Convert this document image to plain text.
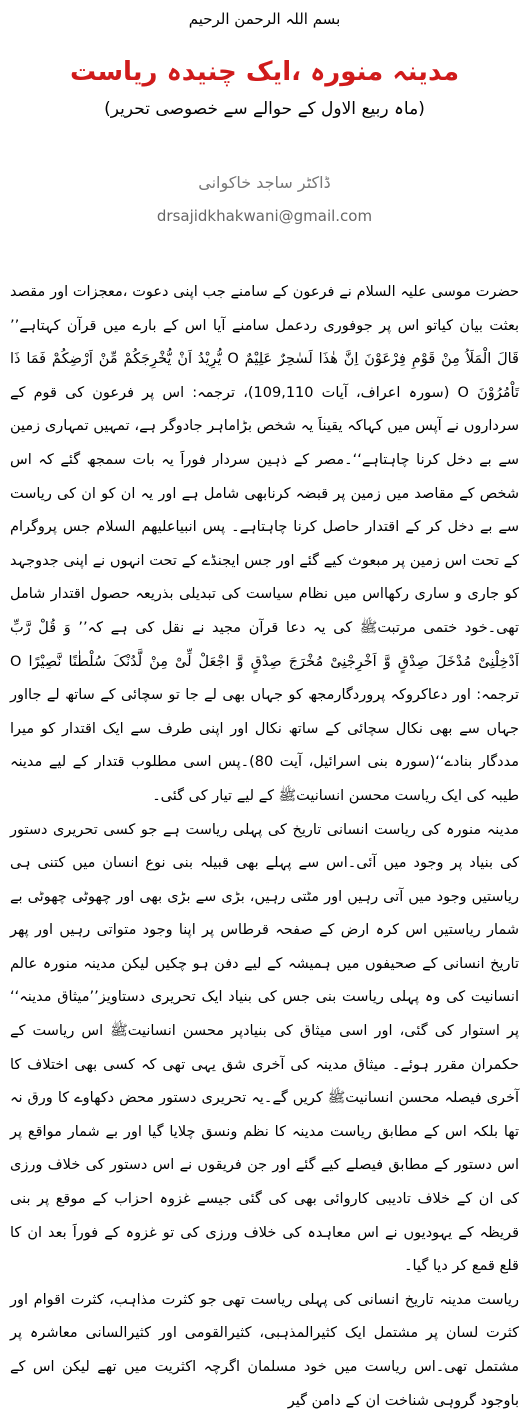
بسم اللہ الرحمن الرحیم
مدینہ منورہ ،ایک چنیدہ ریاست
(ماہ ربیع الاول کے حوالے سے خصوصی تحریر)
ڈاکٹر ساجد خاکوانی
drsajidkhakwani@gmail.com

حضرت موسی علیہ السلام نے فرعون کے سامنے جب اپنی دعوت ،معجزات اور مقصد بعثت بیان کیاتو اس پر جوفوری ردعمل سامنے آیا اس کے بارے میں قرآن کہتاہے’’ قَالَ الْمَلَاُ مِنْ قَوْمِ فِرْعَوْنَ اِنَّ ھٰذَا لَسٰحِرٌ عَلِیْمٌ O یُّرِیْدُ اَنْ یُّخْرِجَکُمْ مِّنْ اَرْضِکُمْ فَمَا ذَا تَاْمُرُوْنَ O (سورہ اعراف، آیات 109,110)، ترجمہ: اس پر فرعون کی قوم کے سرداروں نے آپس میں کہاکہ یقیناََ یہ شخص بڑاماہر جادوگر ہے، تمہیں تمہاری زمین سے بے دخل کرنا چاہتاہے‘‘۔مصر کے ذہین سردار فوراََ یہ بات سمجھ گئے کہ اس شخص کے مقاصد میں زمین پر قبضہ کرنابھی شامل ہے اور یہ ان کو ان کی ریاست سے بے دخل کر کے اقتدار حاصل کرنا چاہتاہے۔ پس انبیاعلیھم السلام جس پروگرام کے تحت اس زمین پر مبعوث کیے گئے اور جس ایجنڈے کے تحت انہوں نے اپنی جدوجہد کو جاری و ساری رکھااس میں نظام سیاست کی تبدیلی بذریعہ حصول اقتدار شامل تھی۔خود ختمی مرتبتﷺ کی یہ دعا قرآن مجید نے نقل کی ہے کہ’’ وَ قُلْ رَّبِّ اَدْخِلْنِیْ مُدْخَلَ صِدْقٍ وَّ اَخْرِجْنِیْ مُخْرَجَ صِدْقٍ وَّ اجْعَلْ لِّیْ مِنْ لَّدُنْکَ سُلْطٰنًا نَّصِیْرًا O ترجمہ: اور دعاکروکہ پروردگارمجھ کو جہاں بھی لے جا تو سچائی کے ساتھ لے جااور جہاں سے بھی نکال سچائی کے ساتھ نکال اور اپنی طرف سے ایک اقتدار کو میرا مددگار بنادے‘‘(سورہ بنی اسرائیل، آیت 80)۔پس اسی مطلوب قتدار کے لیے مدینہ طیبہ کی ایک ریاست محسن انسانیتﷺ کے لیے تیار کی گئی۔

مدینہ منورہ کی ریاست انسانی تاریخ کی پہلی ریاست ہے جو کسی تحریری دستور کی بنیاد پر وجود میں آئی۔اس سے پہلے بھی قبیلہ بنی نوع انسان میں کتنی ہی ریاستیں وجود میں آتی رہیں اور مٹتی رہیں، بڑی سے بڑی بھی اور چھوٹی چھوٹی بے شمار ریاستیں اس کرہ ارض کے صفحہ قرطاس پر اپنا وجود متواتی رہیں اور پھر تاریخ انسانی کے صحیفوں میں ہمیشہ کے لیے دفن ہو چکیں لیکن مدینہ منورہ عالم انسانیت کی وہ پہلی ریاست بنی جس کی بنیاد ایک تحریری دستاویز’’میثاق مدینہ‘‘ پر استوار کی گئی، اور اسی میثاق کی بنیادپر محسن انسانیتﷺ اس ریاست کے حکمران مقرر ہوئے۔ میثاق مدینہ کی آخری شق یہی تھی کہ کسی بھی اختلاف کا آخری فیصلہ محسن انسانیتﷺ کریں گے۔یہ تحریری دستور محض دکھاوے کا ورق نہ تھا بلکہ اس کے مطابق ریاست مدینہ کا نظم ونسق چلایا گیا اور بے شمار مواقع پر اس دستور کے مطابق فیصلے کیے گئے اور جن فریقوں نے اس دستور کی خلاف ورزی کی ان کے خلاف تادیبی کاروائی بھی کی گئی جیسے غزوہ احزاب کے موقع پر بنی قریظہ کے یہودیوں نے اس معاہدہ کی خلاف ورزی کی تو غزوہ کے فوراََ بعد ان کا قلع قمع کر دیا گیا۔

ریاست مدینہ تاریخ انسانی کی پہلی ریاست تھی جو کثرت مذاہب، کثرت اقوام اور کثرت لسان پر مشتمل ایک کثیرالمذہبی، کثیرالقومی اور کثیرالسانی معاشرہ پر مشتمل تھی۔اس ریاست میں خود مسلمان اگرچہ اکثریت میں تھے لیکن اس کے باوجود گروہی شناخت ان کے دامن گیر
